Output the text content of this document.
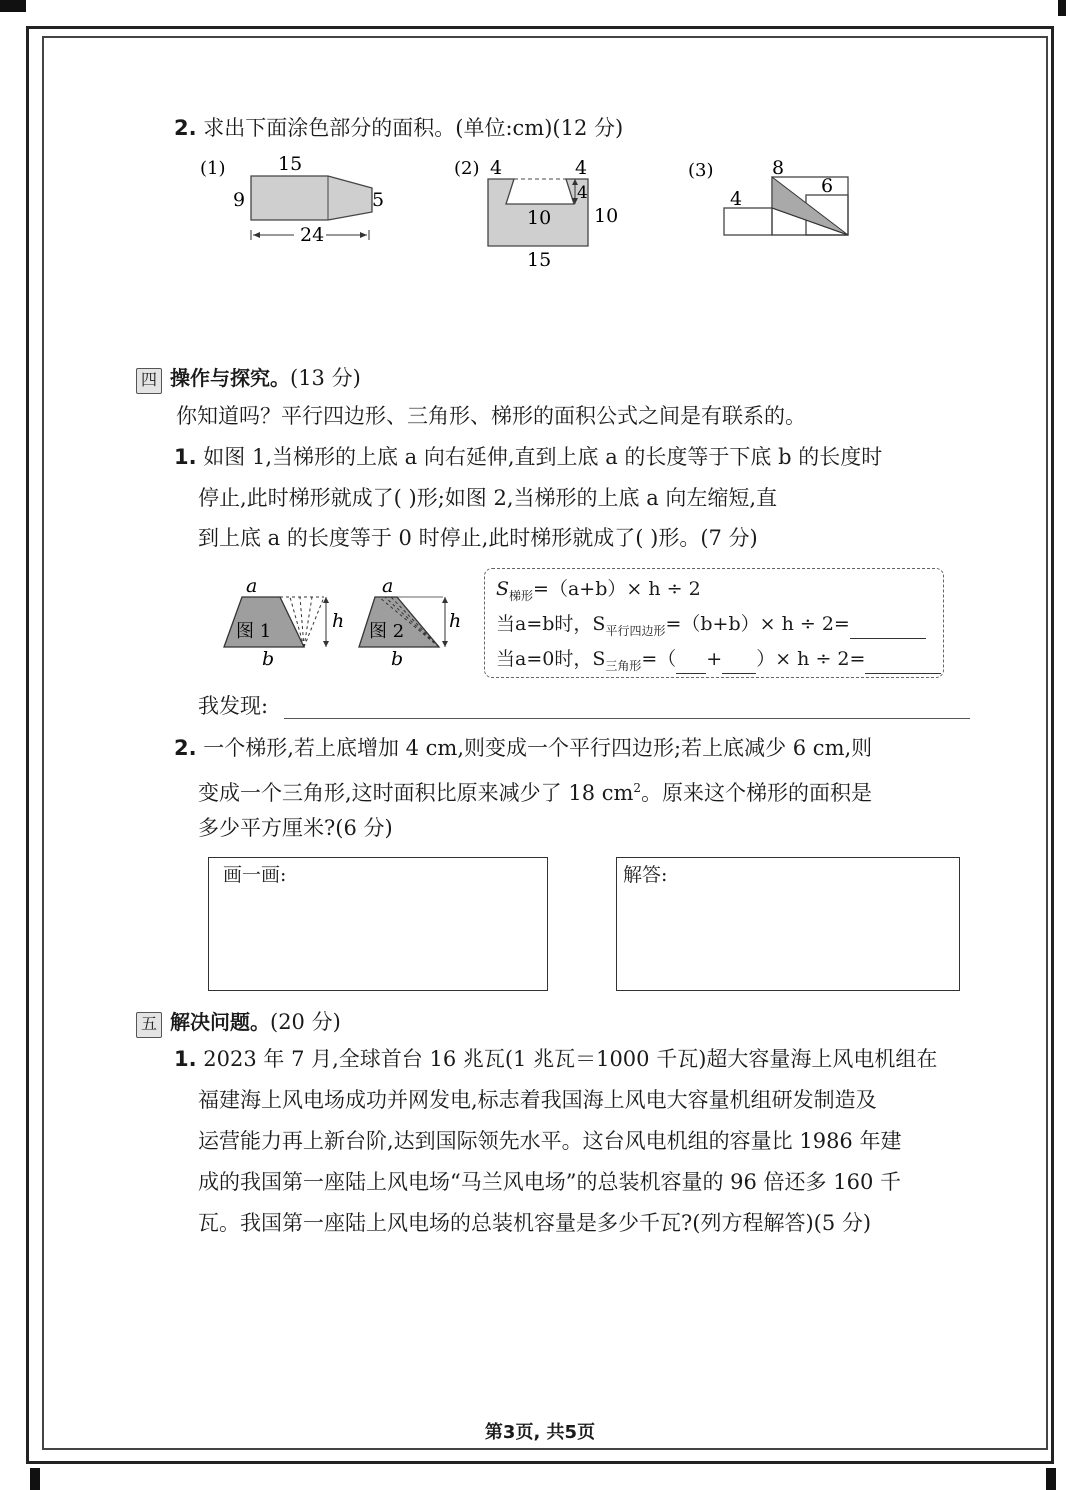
2. 求出下面涂色部分的面积。(单位:cm)(12 分)
(1)	15
9	5
24
(2) 4	4
4
10 10
15
(3)	8
6
4
四 操作与探究。(13 分)
你知道吗？平行四边形、三角形、梯形的面积公式之间是有联系的。
1. 如图 1,当梯形的上底 a 向右延伸,直到上底 a 的长度等于下底 b 的长度时
停止,此时梯形就成了( )形;如图 2,当梯形的上底 a 向左缩短,直
到上底 a 的长度等于 0 时停止,此时梯形就成了( )形。(7 分)
a
h
b
图 1
a
h
b
图 2
$S_{梯形}=(a+b)\times h \div 2$
当a=b时，$S_{平行四边形}=(b+b)\times h \div 2=$
当a=0时，$S_{三角形}=$（ + ）× h ÷ 2=
我发现:
2. 一个梯形,若上底增加 4 cm,则变成一个平行四边形;若上底减少 6 cm,则
变成一个三角形,这时面积比原来减少了 18 $cm^2$。原来这个梯形的面积是
多少平方厘米?(6 分)
画一画:	解答:
五 解决问题。(20 分)
1. 2023 年 7 月,全球首台 16 兆瓦(1 兆瓦＝1000 千瓦)超大容量海上风电机组在
福建海上风电场成功并网发电,标志着我国海上风电大容量机组研发制造及
运营能力再上新台阶,达到国际领先水平。这台风电机组的容量比 1986 年建
成的我国第一座陆上风电场“马兰风电场”的总装机容量的 96 倍还多 160 千
瓦。我国第一座陆上风电场的总装机容量是多少千瓦?(列方程解答)(5 分)
第3页, 共5页
